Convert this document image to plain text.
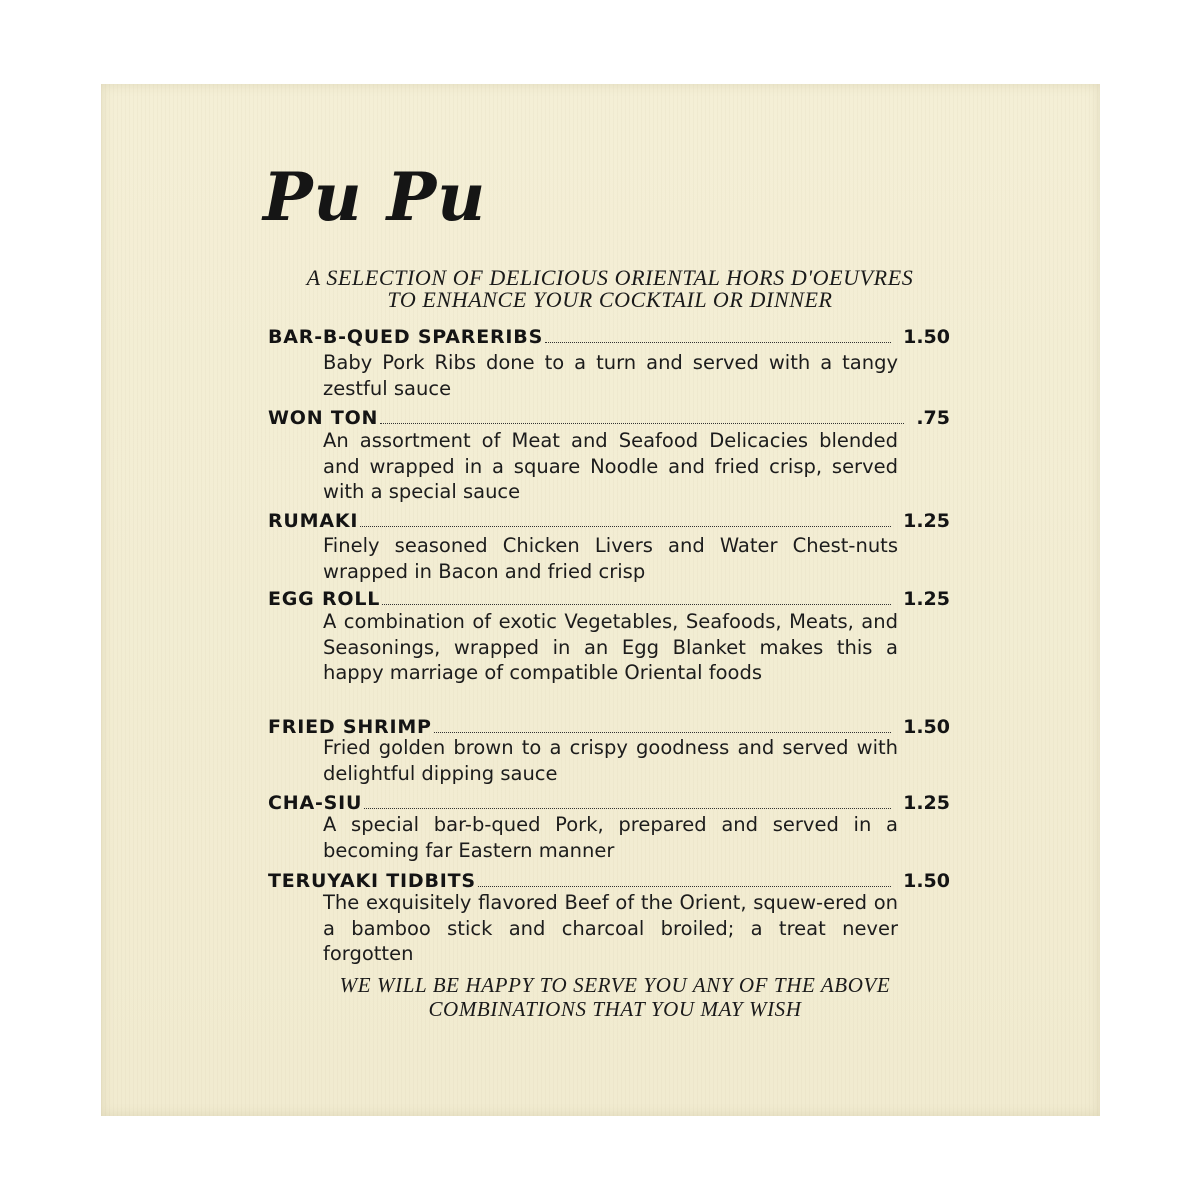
Pu Pu
A SELECTION OF DELICIOUS ORIENTAL HORS D'OEUVRES
TO ENHANCE YOUR COCKTAIL OR DINNER
BAR-B-QUED SPARERIBS	1.50

Baby Pork Ribs done to a turn and served with a tangy zestful sauce

WON TON	.75

An assortment of Meat and Seafood Delicacies blended and wrapped in a square Noodle and fried crisp, served with a special sauce

RUMAKI	1.25

Finely seasoned Chicken Livers and Water Chest-nuts wrapped in Bacon and fried crisp

EGG ROLL	1.25

A combination of exotic Vegetables, Seafoods, Meats, and Seasonings, wrapped in an Egg Blanket makes this a happy marriage of compatible Oriental foods

FRIED SHRIMP	1.50

Fried golden brown to a crispy goodness and served with delightful dipping sauce

CHA-SIU	1.25

A special bar-b-qued Pork, prepared and served in a becoming far Eastern manner

TERUYAKI TIDBITS	1.50

The exquisitely flavored Beef of the Orient, squew-ered on a bamboo stick and charcoal broiled; a treat never forgotten

WE WILL BE HAPPY TO SERVE YOU ANY OF THE ABOVE
COMBINATIONS THAT YOU MAY WISH
